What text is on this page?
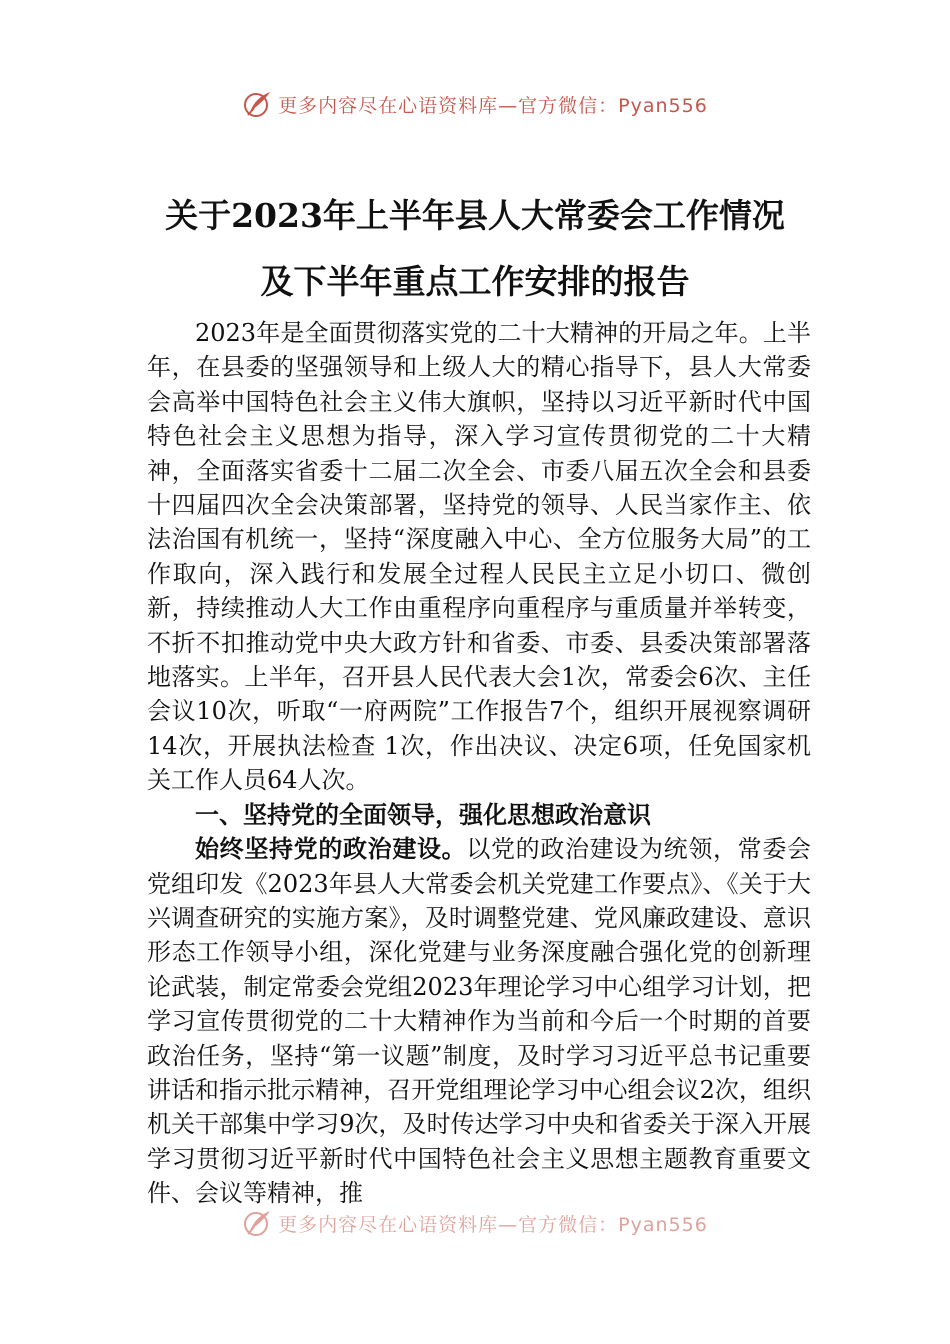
更多内容尽在心语资料库—官方微信：Pyan556
关于2023年上半年县人大常委会工作情况
及下半年重点工作安排的报告

2023年是全面贯彻落实党的二十大精神的开局之年。上半年，在县委的坚强领导和上级人大的精心指导下，县人大常委会高举中国特色社会主义伟大旗帜，坚持以习近平新时代中国特色社会主义思想为指导，深入学习宣传贯彻党的二十大精神，全面落实省委十二届二次全会、市委八届五次全会和县委十四届四次全会决策部署，坚持党的领导、人民当家作主、依法治国有机统一，坚持“深度融入中心、全方位服务大局”的工作取向，深入践行和发展全过程人民民主立足小切口、微创新，持续推动人大工作由重程序向重程序与重质量并举转变，不折不扣推动党中央大政方针和省委、市委、县委决策部署落地落实。上半年，召开县人民代表大会1次，常委会6次、主任会议10次，听取“一府两院”工作报告7个，组织开展视察调研14次，开展执法检查 1次，作出决议、决定6项，任免国家机关工作人员64人次。

一、坚持党的全面领导，强化思想政治意识

始终坚持党的政治建设。以党的政治建设为统领，常委会党组印发《2023年县人大常委会机关党建工作要点》、《关于大兴调查研究的实施方案》，及时调整党建、党风廉政建设、意识形态工作领导小组，深化党建与业务深度融合强化党的创新理论武装，制定常委会党组2023年理论学习中心组学习计划，把学习宣传贯彻党的二十大精神作为当前和今后一个时期的首要政治任务，坚持“第一议题”制度，及时学习习近平总书记重要讲话和指示批示精神，召开党组理论学习中心组会议2次，组织机关干部集中学习9次，及时传达学习中央和省委关于深入开展学习贯彻习近平新时代中国特色社会主义思想主题教育重要文件、会议等精神，推

更多内容尽在心语资料库—官方微信：Pyan556
